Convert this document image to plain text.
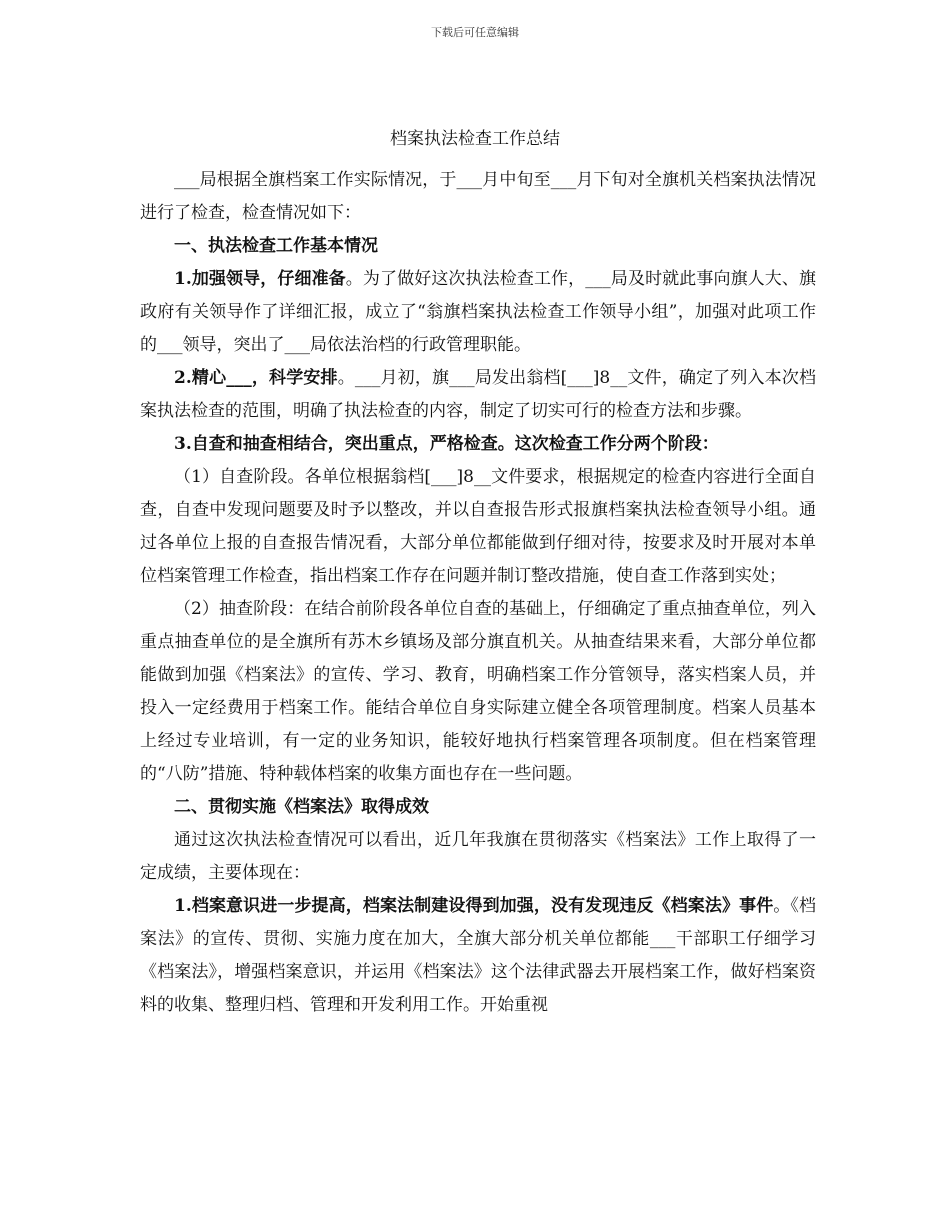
下载后可任意编辑
档案执法检查工作总结

___局根据全旗档案工作实际情况，于___月中旬至___月下旬对全旗机关档案执法情况进行了检查，检查情况如下：

一、执法检查工作基本情况

1.加强领导，仔细准备。为了做好这次执法检查工作，___局及时就此事向旗人大、旗政府有关领导作了详细汇报，成立了“翁旗档案执法检查工作领导小组”，加强对此项工作的___领导，突出了___局依法治档的行政管理职能。

2.精心___，科学安排。___月初，旗___局发出翁档[___]8__文件，确定了列入本次档案执法检查的范围，明确了执法检查的内容，制定了切实可行的检查方法和步骤。

3.自查和抽查相结合，突出重点，严格检查。这次检查工作分两个阶段：

（1）自查阶段。各单位根据翁档[___]8__文件要求，根据规定的检查内容进行全面自查，自查中发现问题要及时予以整改，并以自查报告形式报旗档案执法检查领导小组。通过各单位上报的自查报告情况看，大部分单位都能做到仔细对待，按要求及时开展对本单位档案管理工作检查，指出档案工作存在问题并制订整改措施，使自查工作落到实处；

（2）抽查阶段：在结合前阶段各单位自查的基础上，仔细确定了重点抽查单位，列入重点抽查单位的是全旗所有苏木乡镇场及部分旗直机关。从抽查结果来看，大部分单位都能做到加强《档案法》的宣传、学习、教育，明确档案工作分管领导，落实档案人员，并投入一定经费用于档案工作。能结合单位自身实际建立健全各项管理制度。档案人员基本上经过专业培训，有一定的业务知识，能较好地执行档案管理各项制度。但在档案管理的“八防”措施、特种载体档案的收集方面也存在一些问题。

二、贯彻实施《档案法》取得成效

通过这次执法检查情况可以看出，近几年我旗在贯彻落实《档案法》工作上取得了一定成绩，主要体现在：

1.档案意识进一步提高，档案法制建设得到加强，没有发现违反《档案法》事件。《档案法》的宣传、贯彻、实施力度在加大，全旗大部分机关单位都能___干部职工仔细学习《档案法》，增强档案意识，并运用《档案法》这个法律武器去开展档案工作，做好档案资料的收集、整理归档、管理和开发利用工作。开始重视
